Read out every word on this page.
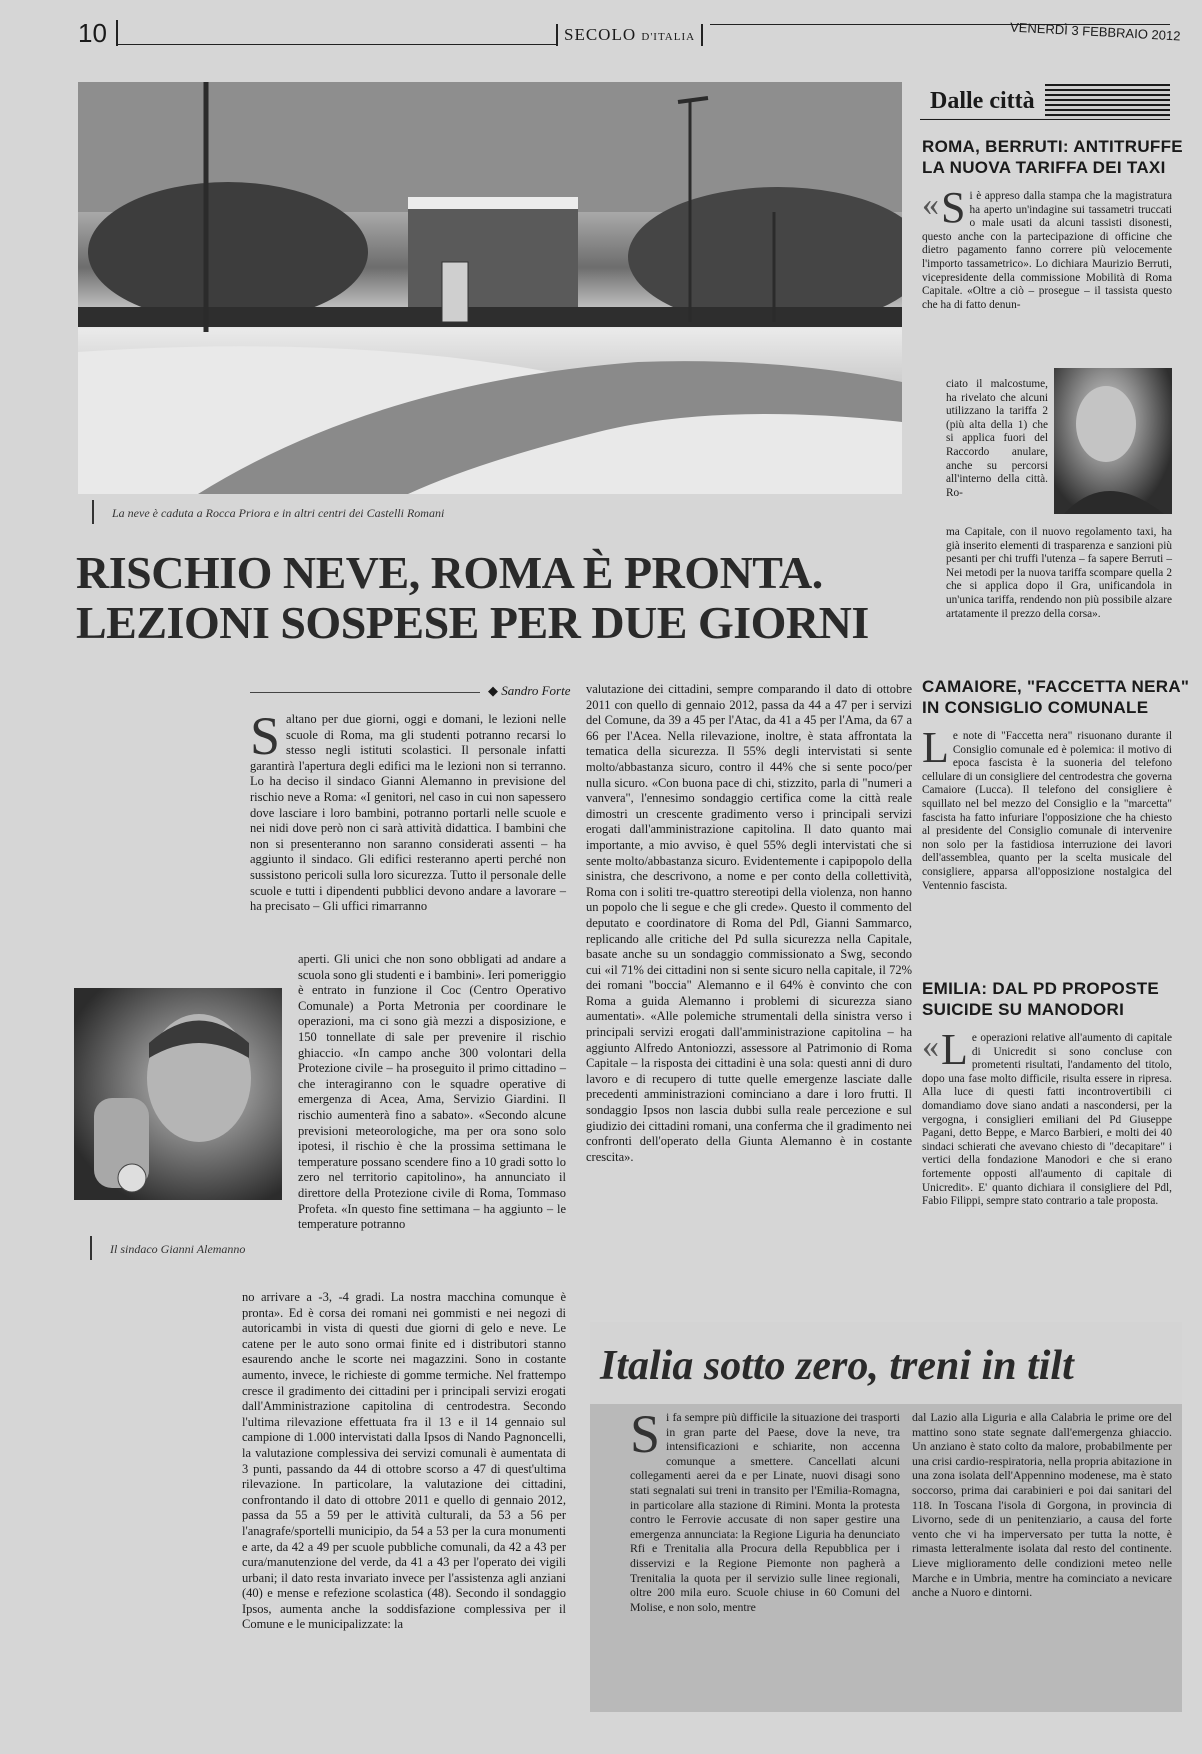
10	SECOLO D'ITALIA	VENERDÌ 3 FEBBRAIO 2012
La neve è caduta a Rocca Priora e in altri centri dei Castelli Romani
RISCHIO NEVE, ROMA È PRONTA.
LEZIONI SOSPESE PER DUE GIORNI
◆ Sandro Forte

Saltano per due giorni, oggi e domani, le lezioni nelle scuole di Roma, ma gli studenti potranno recarsi lo stesso negli istituti scolastici. Il personale infatti garantirà l'apertura degli edifici ma le lezioni non si terranno. Lo ha deciso il sindaco Gianni Alemanno in previsione del rischio neve a Roma: «I genitori, nel caso in cui non sapessero dove lasciare i loro bambini, potranno portarli nelle scuole e nei nidi dove però non ci sarà attività didattica. I bambini che non si presenteranno non saranno considerati assenti – ha aggiunto il sindaco. Gli edifici resteranno aperti perché non sussistono pericoli sulla loro sicurezza. Tutto il personale delle scuole e tutti i dipendenti pubblici devono andare a lavorare – ha precisato – Gli uffici rimarranno

aperti. Gli unici che non sono obbligati ad andare a scuola sono gli studenti e i bambini». Ieri pomeriggio è entrato in funzione il Coc (Centro Operativo Comunale) a Porta Metronia per coordinare le operazioni, ma ci sono già mezzi a disposizione, e 150 tonnellate di sale per prevenire il rischio ghiaccio. «In campo anche 300 volontari della Protezione civile – ha proseguito il primo cittadino – che interagiranno con le squadre operative di emergenza di Acea, Ama, Servizio Giardini. Il rischio aumenterà fino a sabato». «Secondo alcune previsioni meteorologiche, ma per ora sono solo ipotesi, il rischio è che la prossima settimana le temperature possano scendere fino a 10 gradi sotto lo zero nel territorio capitolino», ha annunciato il direttore della Protezione civile di Roma, Tommaso Profeta. «In questo fine settimana – ha aggiunto – le temperature potranno

Il sindaco Gianni Alemanno

no arrivare a -3, -4 gradi. La nostra macchina comunque è pronta». Ed è corsa dei romani nei gommisti e nei negozi di autoricambi in vista di questi due giorni di gelo e neve. Le catene per le auto sono ormai finite ed i distributori stanno esaurendo anche le scorte nei magazzini. Sono in costante aumento, invece, le richieste di gomme termiche. Nel frattempo cresce il gradimento dei cittadini per i principali servizi erogati dall'Amministrazione capitolina di centrodestra. Secondo l'ultima rilevazione effettuata fra il 13 e il 14 gennaio sul campione di 1.000 intervistati dalla Ipsos di Nando Pagnoncelli, la valutazione complessiva dei servizi comunali è aumentata di 3 punti, passando da 44 di ottobre scorso a 47 di quest'ultima rilevazione. In particolare, la valutazione dei cittadini, confrontando il dato di ottobre 2011 e quello di gennaio 2012, passa da 55 a 59 per le attività culturali, da 53 a 56 per l'anagrafe/sportelli municipio, da 54 a 53 per la cura monumenti e arte, da 42 a 49 per scuole pubbliche comunali, da 42 a 43 per cura/manutenzione del verde, da 41 a 43 per l'operato dei vigili urbani; il dato resta invariato invece per l'assistenza agli anziani (40) e mense e refezione scolastica (48). Secondo il sondaggio Ipsos, aumenta anche la soddisfazione complessiva per il Comune e le municipalizzate: la

valutazione dei cittadini, sempre comparando il dato di ottobre 2011 con quello di gennaio 2012, passa da 44 a 47 per i servizi del Comune, da 39 a 45 per l'Atac, da 41 a 45 per l'Ama, da 67 a 66 per l'Acea. Nella rilevazione, inoltre, è stata affrontata la tematica della sicurezza. Il 55% degli intervistati si sente molto/abbastanza sicuro, contro il 44% che si sente poco/per nulla sicuro. «Con buona pace di chi, stizzito, parla di "numeri a vanvera", l'ennesimo sondaggio certifica come la città reale dimostri un crescente gradimento verso i principali servizi erogati dall'amministrazione capitolina. Il dato quanto mai importante, a mio avviso, è quel 55% degli intervistati che si sente molto/abbastanza sicuro. Evidentemente i capipopolo della sinistra, che descrivono, a nome e per conto della collettività, Roma con i soliti tre-quattro stereotipi della violenza, non hanno un popolo che li segue e che gli crede». Questo il commento del deputato e coordinatore di Roma del Pdl, Gianni Sammarco, replicando alle critiche del Pd sulla sicurezza nella Capitale, basate anche su un sondaggio commissionato a Swg, secondo cui «il 71% dei cittadini non si sente sicuro nella capitale, il 72% dei romani "boccia" Alemanno e il 64% è convinto che con Roma a guida Alemanno i problemi di sicurezza siano aumentati». «Alle polemiche strumentali della sinistra verso i principali servizi erogati dall'amministrazione capitolina – ha aggiunto Alfredo Antoniozzi, assessore al Patrimonio di Roma Capitale – la risposta dei cittadini è una sola: questi anni di duro lavoro e di recupero di tutte quelle emergenze lasciate dalle precedenti amministrazioni cominciano a dare i loro frutti. Il sondaggio Ipsos non lascia dubbi sulla reale percezione e sul giudizio dei cittadini romani, una conferma che il gradimento nei confronti dell'operato della Giunta Alemanno è in costante crescita».

Dalle città
ROMA, BERRUTI: ANTITRUFFE
LA NUOVA TARIFFA DEI TAXI

« S i è appreso dalla stampa che la magistratura ha aperto un'indagine sui tassametri truccati o male usati da alcuni tassisti disonesti, questo anche con la partecipazione di officine che dietro pagamento fanno correre più velocemente l'importo tassametrico». Lo dichiara Maurizio Berruti, vicepresidente della commissione Mobilità di Roma Capitale. «Oltre a ciò – prosegue – il tassista questo che ha di fatto denun-

ciato il malcostume, ha rivelato che alcuni utilizzano la tariffa 2 (più alta della 1) che si applica fuori del Raccordo anulare, anche su percorsi all'interno della città. Ro-

ma Capitale, con il nuovo regolamento taxi, ha già inserito elementi di trasparenza e sanzioni più pesanti per chi truffi l'utenza – fa sapere Berruti – Nei metodi per la nuova tariffa scompare quella 2 che si applica dopo il Gra, unificandola in un'unica tariffa, rendendo non più possibile alzare artatamente il prezzo della corsa».

CAMAIORE, "FACCETTA NERA"
IN CONSIGLIO COMUNALE

Le note di "Faccetta nera" risuonano durante il Consiglio comunale ed è polemica: il motivo di epoca fascista è la suoneria del telefono cellulare di un consigliere del centrodestra che governa Camaiore (Lucca). Il telefono del consigliere è squillato nel bel mezzo del Consiglio e la "marcetta" fascista ha fatto infuriare l'opposizione che ha chiesto al presidente del Consiglio comunale di intervenire non solo per la fastidiosa interruzione dei lavori dell'assemblea, quanto per la scelta musicale del consigliere, apparsa all'opposizione nostalgica del Ventennio fascista.

EMILIA: DAL PD PROPOSTE
SUICIDE SU MANODORI

« L e operazioni relative all'aumento di capitale di Unicredit si sono concluse con prometenti risultati, l'andamento del titolo, dopo una fase molto difficile, risulta essere in ripresa. Alla luce di questi fatti incontrovertibili ci domandiamo dove siano andati a nascondersi, per la vergogna, i consiglieri emiliani del Pd Giuseppe Pagani, detto Beppe, e Marco Barbieri, e molti dei 40 sindaci schierati che avevano chiesto di "decapitare" i vertici della fondazione Manodori e che si erano fortemente opposti all'aumento di capitale di Unicredit». E' quanto dichiara il consigliere del Pdl, Fabio Filippi, sempre stato contrario a tale proposta.

Italia sotto zero, treni in tilt

Si fa sempre più difficile la situazione dei trasporti in gran parte del Paese, dove la neve, tra intensificazioni e schiarite, non accenna comunque a smettere. Cancellati alcuni collegamenti aerei da e per Linate, nuovi disagi sono stati segnalati sui treni in transito per l'Emilia-Romagna, in particolare alla stazione di Rimini. Monta la protesta contro le Ferrovie accusate di non saper gestire una emergenza annunciata: la Regione Liguria ha denunciato Rfi e Trenitalia alla Procura della Repubblica per i disservizi e la Regione Piemonte non pagherà a Trenitalia la quota per il servizio sulle linee regionali, oltre 200 mila euro. Scuole chiuse in 60 Comuni del Molise, e non solo, mentre

dal Lazio alla Liguria e alla Calabria le prime ore del mattino sono state segnate dall'emergenza ghiaccio. Un anziano è stato colto da malore, probabilmente per una crisi cardio-respiratoria, nella propria abitazione in una zona isolata dell'Appennino modenese, ma è stato soccorso, prima dai carabinieri e poi dai sanitari del 118. In Toscana l'isola di Gorgona, in provincia di Livorno, sede di un penitenziario, a causa del forte vento che vi ha imperversato per tutta la notte, è rimasta letteralmente isolata dal resto del continente. Lieve miglioramento delle condizioni meteo nelle Marche e in Umbria, mentre ha cominciato a nevicare anche a Nuoro e dintorni.
